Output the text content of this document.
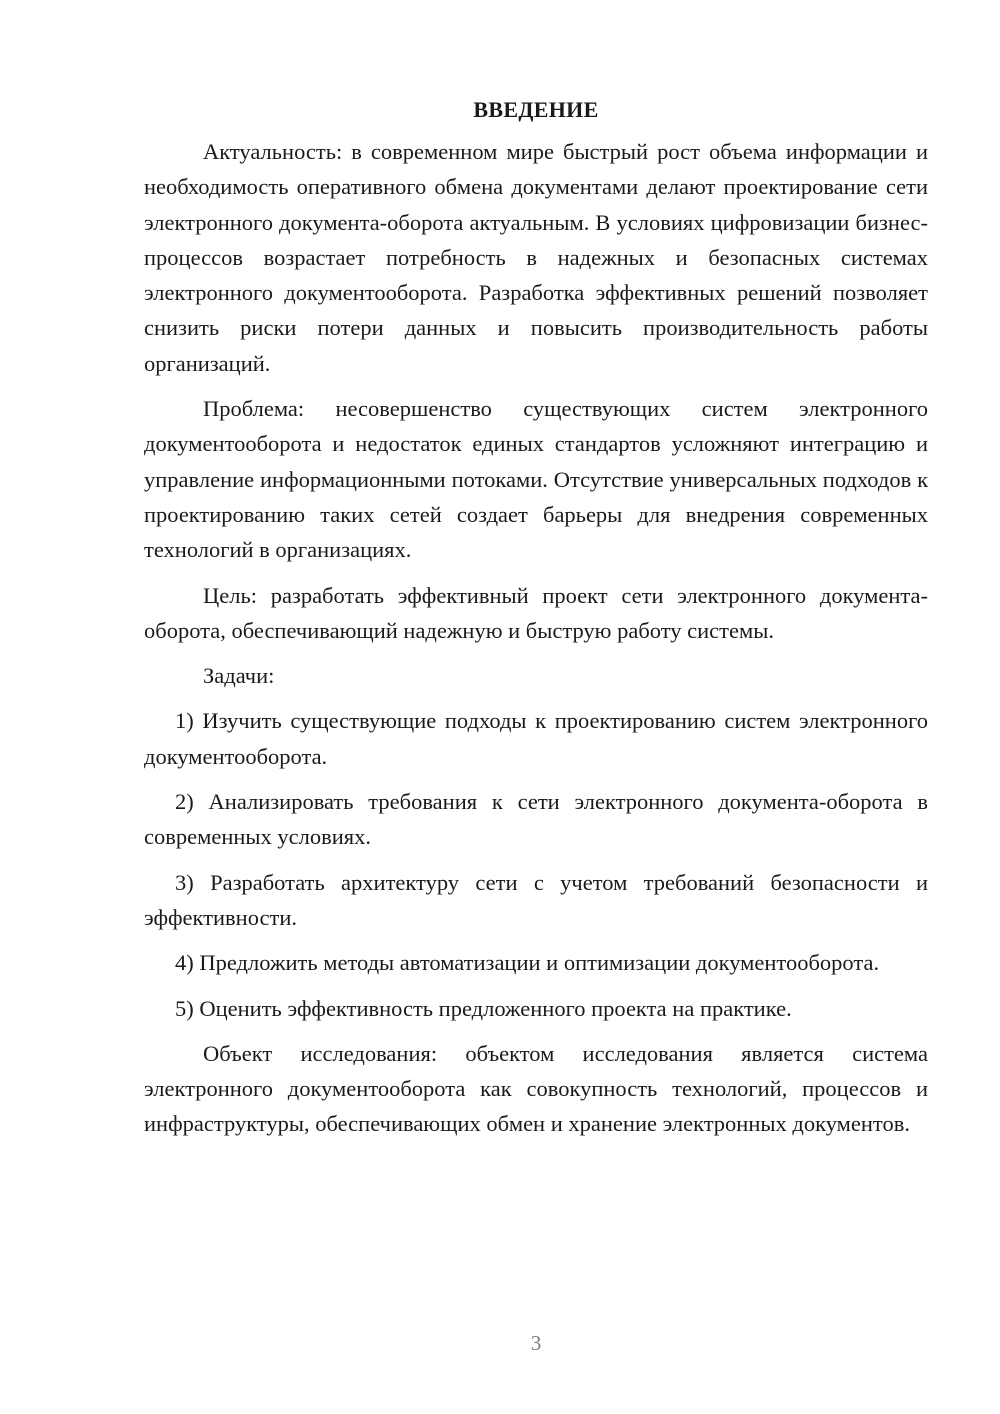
ВВЕДЕНИЕ

Актуальность: в современном мире быстрый рост объема информации и необходимость оперативного обмена документами делают проектирование сети электронного документа-оборота актуальным. В условиях цифровизации бизнес-процессов возрастает потребность в надежных и безопасных системах электронного документооборота. Разработка эффективных решений позволяет снизить риски потери данных и повысить производительность работы организаций.

Проблема: несовершенство существующих систем электронного документооборота и недостаток единых стандартов усложняют интеграцию и управление информационными потоками. Отсутствие универсальных подходов к проектированию таких сетей создает барьеры для внедрения современных технологий в организациях.

Цель: разработать эффективный проект сети электронного документа-оборота, обеспечивающий надежную и быструю работу системы.

Задачи:

1) Изучить существующие подходы к проектированию систем электронного документооборота.

2) Анализировать требования к сети электронного документа-оборота в современных условиях.

3) Разработать архитектуру сети с учетом требований безопасности и эффективности.

4) Предложить методы автоматизации и оптимизации документооборота.

5) Оценить эффективность предложенного проекта на практике.

Объект исследования: объектом исследования является система электронного документооборота как совокупность технологий, процессов и инфраструктуры, обеспечивающих обмен и хранение электронных документов.

3
